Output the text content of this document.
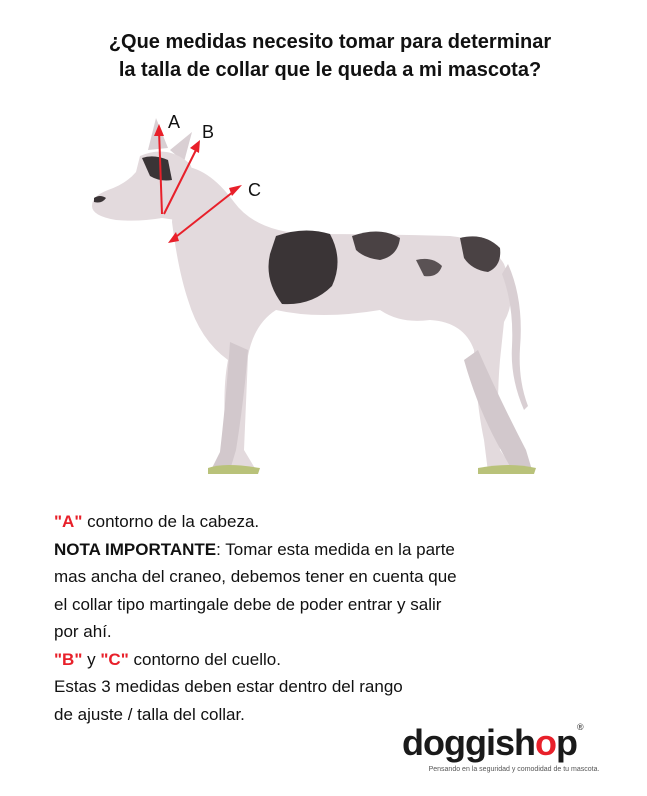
¿Que medidas necesito tomar para determinar
la talla de collar que le queda a mi mascota?
A B
C
"A" contorno de la cabeza.
NOTA IMPORTANTE: Tomar esta medida en la parte
mas ancha del craneo, debemos tener en cuenta que
el collar tipo martingale debe de poder entrar y salir
por ahí.
"B" y "C" contorno del cuello.
Estas 3 medidas deben estar dentro del rango
de ajuste / talla del collar.
doggishop®
Pensando en la seguridad y comodidad de tu mascota.
